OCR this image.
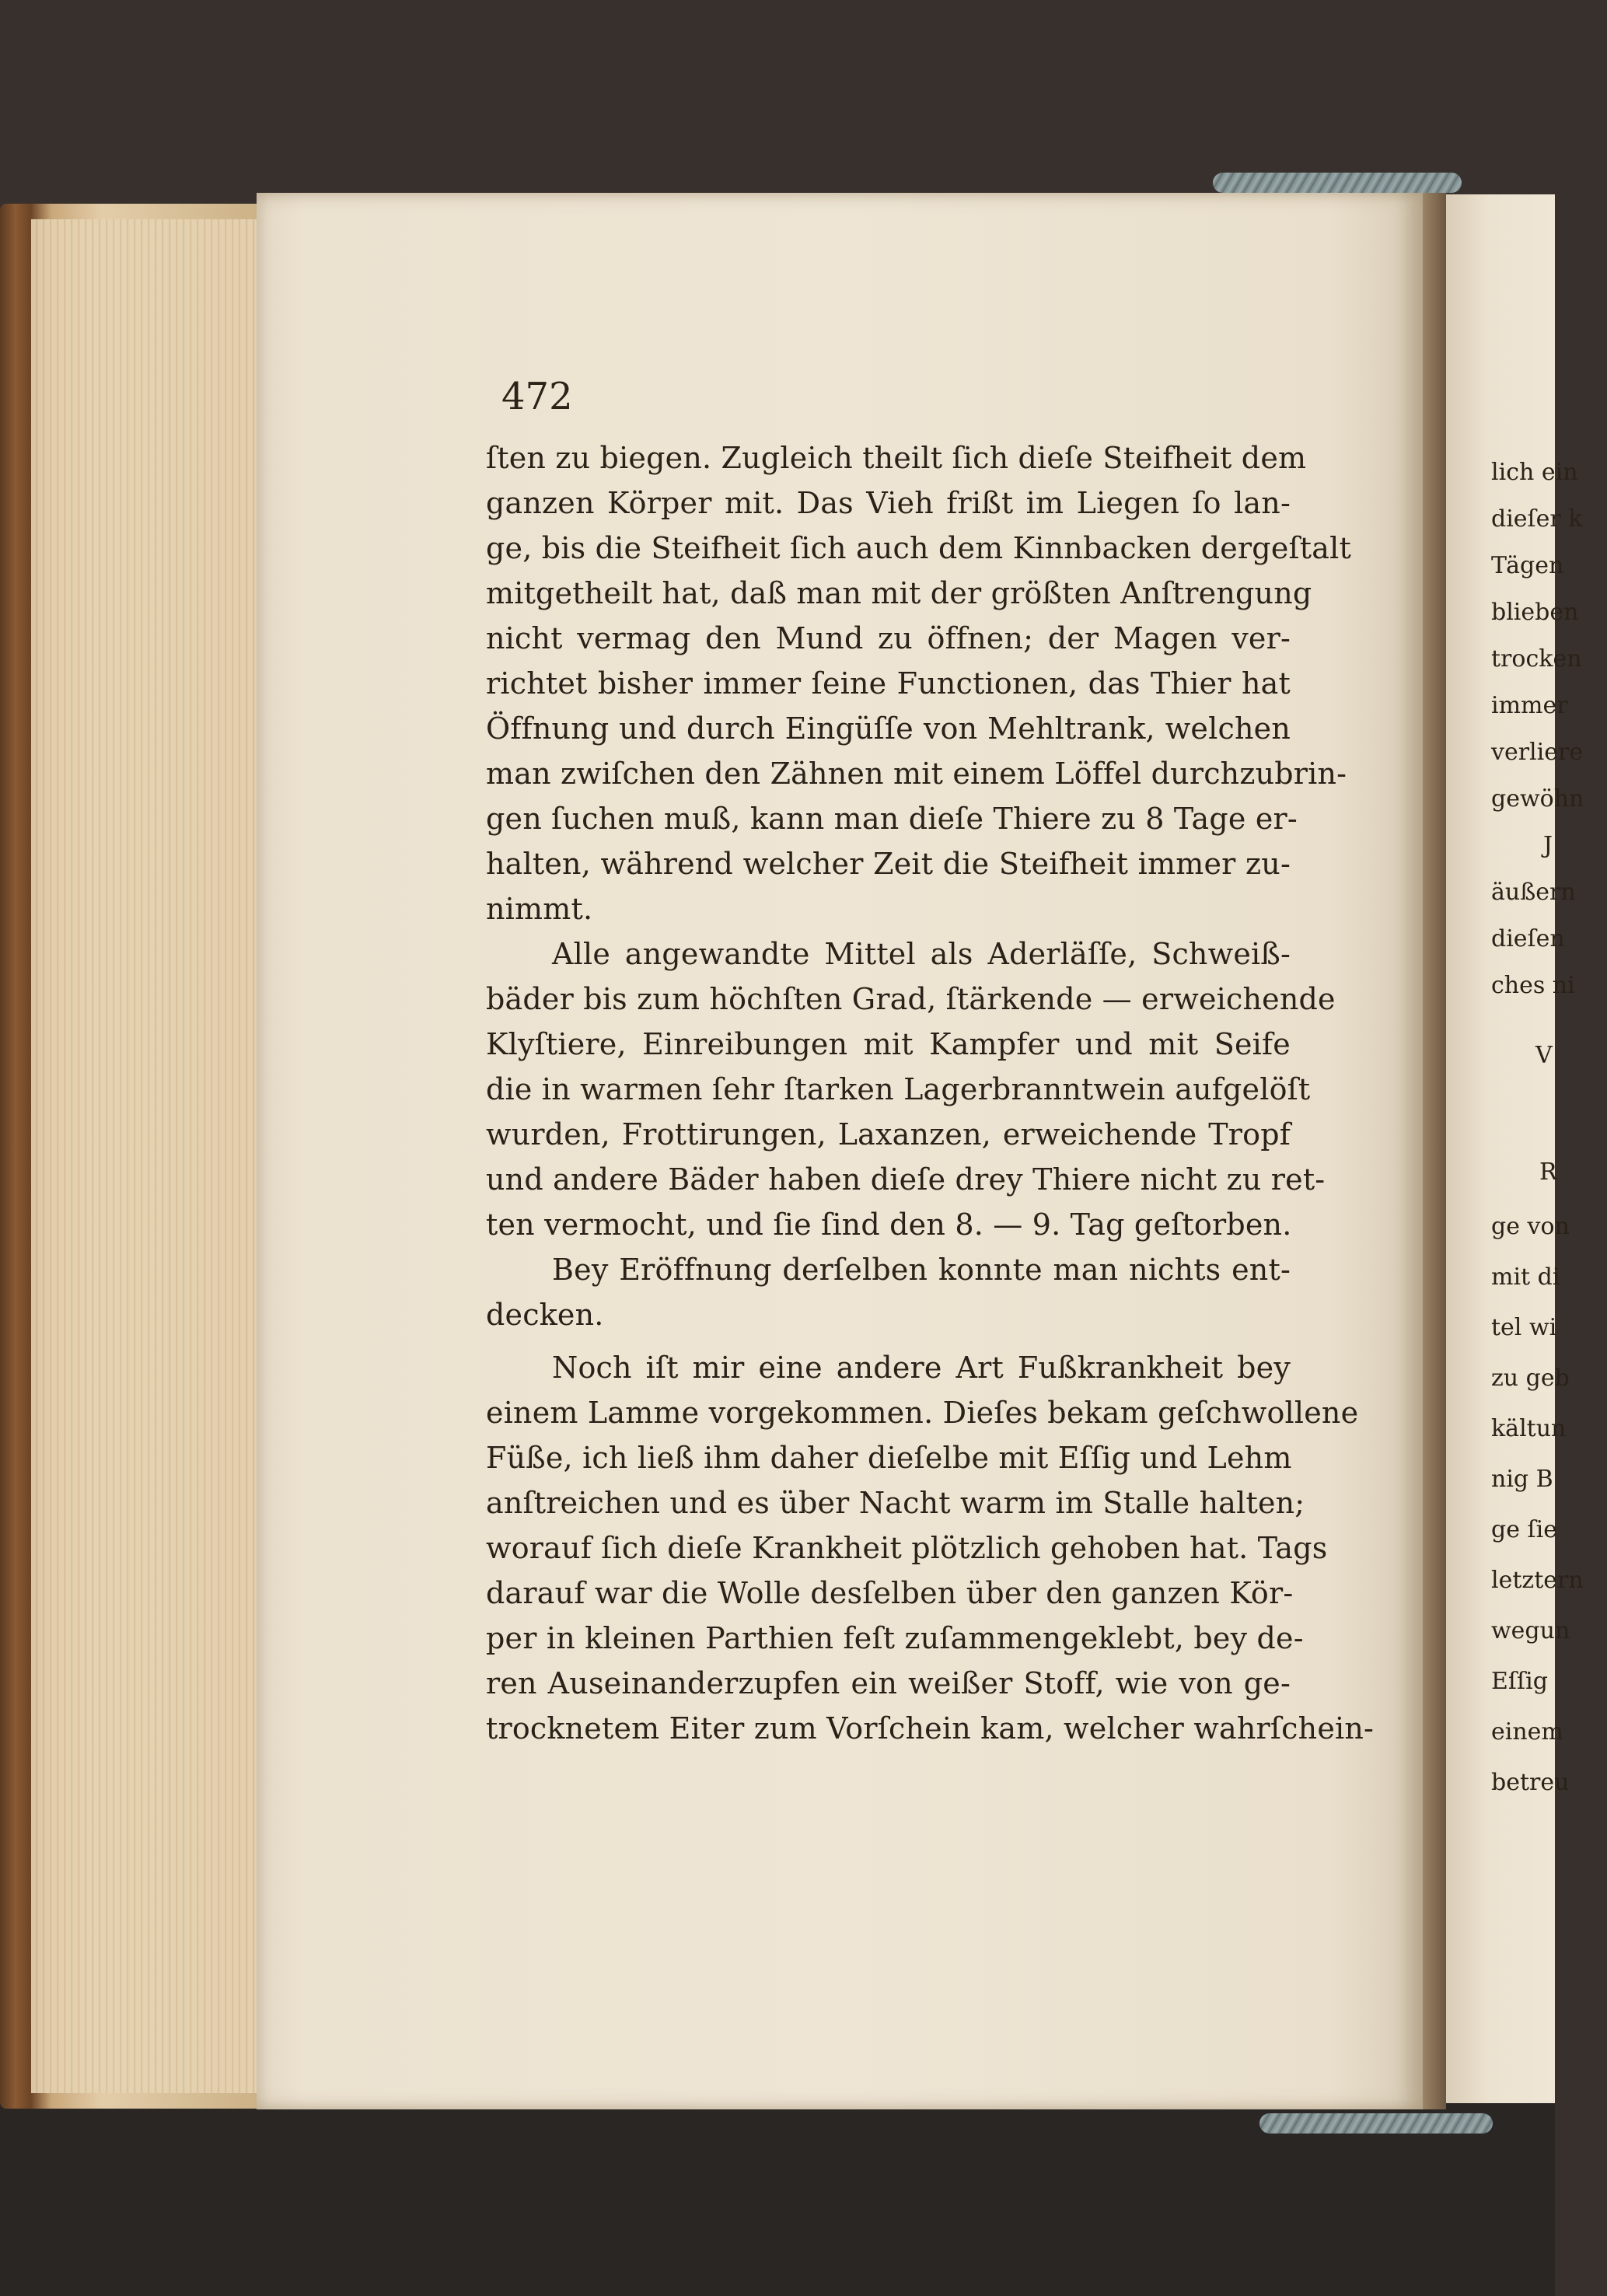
472
ſten zu biegen. Zugleich theilt ſich dieſe Steifheit dem
ganzen Körper mit. Das Vieh frißt im Liegen ſo lan-
ge, bis die Steifheit ſich auch dem Kinnbacken dergeſtalt
mitgetheilt hat, daß man mit der größten Anſtrengung
nicht vermag den Mund zu öffnen; der Magen ver-
richtet bisher immer ſeine Functionen, das Thier hat
Öffnung und durch Eingüſſe von Mehltrank, welchen
man zwiſchen den Zähnen mit einem Löffel durchzubrin-
gen ſuchen muß, kann man dieſe Thiere zu 8 Tage er-
halten, während welcher Zeit die Steifheit immer zu-
nimmt.
Alle angewandte Mittel als Aderläſſe, Schweiß-
bäder bis zum höchſten Grad, ſtärkende — erweichende
Klyſtiere, Einreibungen mit Kampfer und mit Seife
die in warmen ſehr ſtarken Lagerbranntwein aufgelöſt
wurden, Frottirungen, Laxanzen, erweichende Tropf
und andere Bäder haben dieſe drey Thiere nicht zu ret-
ten vermocht, und ſie ſind den 8. — 9. Tag geſtorben.
Bey Eröffnung derſelben konnte man nichts ent-
decken.
Noch iſt mir eine andere Art Fußkrankheit bey
einem Lamme vorgekommen. Dieſes bekam geſchwollene
Füße, ich ließ ihm daher dieſelbe mit Eſſig und Lehm
anſtreichen und es über Nacht warm im Stalle halten;
worauf ſich dieſe Krankheit plötzlich gehoben hat. Tags
darauf war die Wolle desſelben über den ganzen Kör-
per in kleinen Parthien feſt zuſammengeklebt, bey de-
ren Auseinanderzupfen ein weißer Stoff, wie von ge-
trocknetem Eiter zum Vorſchein kam, welcher wahrſchein-
lich ein
dieſer k
Tägen
blieben
trocken
immer
verliere
gewöhn
J
äußern
dieſen
ches ni
V
R
ge von
mit di
tel wi
zu geb
kältun
nig B
ge ſie
letztern
wegun
Eſſig
einem
betreu
